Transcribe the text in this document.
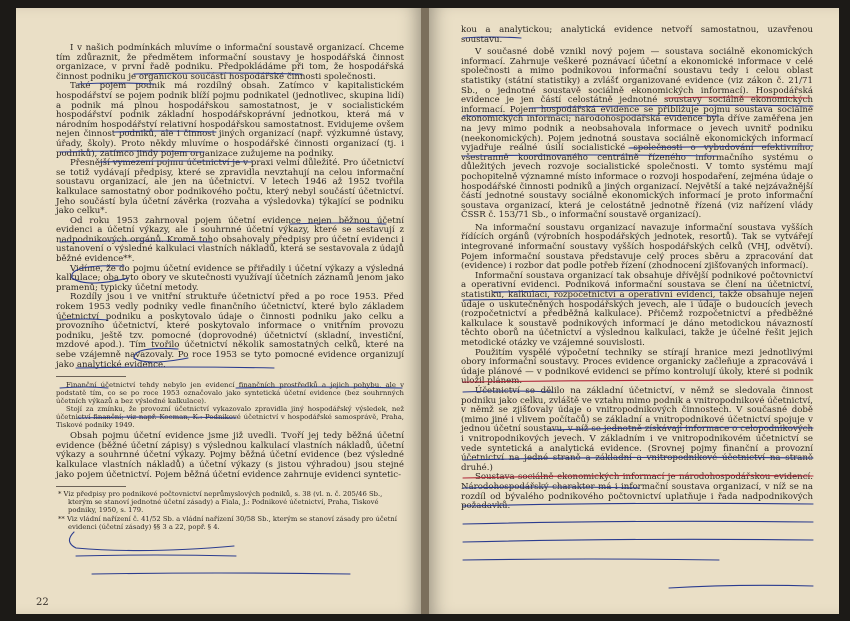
I v našich podmínkách mluvíme o informační soustavě organizací. Chceme tím zdůraznit, že předmětem informační soustavy je hospodářská činnost organizace, v první řadě podniku. Předpokládáme při tom, že hospodářská činnost podniku je organickou součástí hospodářské činnosti společnosti.

Také pojem podnik má rozdílný obsah. Zatímco v kapitalistickém hospodářství se pojem podnik blíží pojmu podnikatel (jednotlivec, skupina lidí) a podnik má plnou hospodářskou samostatnost, je v socialistickém hospodářství podnik základní hospodářskoprávní jednotkou, která má v národním hospodářství relativní hospodářskou samostatnost. Evidujeme ovšem nejen činnost podniků, ale i činnost jiných organizací (např. výzkumné ústavy, úřady, školy). Proto někdy mluvíme o hospodářské činnosti organizací (tj. i podniků), zatímco jindy pojem organizace zužujeme na podniky.

Přesnější vymezení pojmu účetnictví je v praxi velmi důležité. Pro účetnictví se totiž vydávají předpisy, které se zpravidla nevztahují na celou informační soustavu organizací, ale jen na účetnictví. V letech 1946 až 1952 tvořila kalkulace samostatný obor podnikového počtu, který nebyl součástí účetnictví. Jeho součástí byla účetní závěrka (rozvaha a výsledovka) týkající se podniku jako celku*.

Od roku 1953 zahrnoval pojem účetní evidence nejen běžnou účetní evidenci a účetní výkazy, ale i souhrnné účetní výkazy, které se sestavují z nadpodnikových orgánů. Kromě toho obsahovaly předpisy pro účetní evidenci i ustanovení o výsledné kalkulaci vlastních nákladů, která se sestavovala z údajů běžné evidence**.

Vidíme, že do pojmu účetní evidence se přiřadily i účetní výkazy a výsledná kalkulace; oba tyto obory ve skutečnosti využívají účetních záznamů jenom jako pramenů; typicky účetní metody.

Rozdíly jsou i ve vnitřní struktuře účetnictví před a po roce 1953. Před rokem 1953 vedly podniky vedle finančního účetnictví, které bylo základem účetnictví podniku a poskytovalo údaje o činnosti podniku jako celku a provozního účetnictví, které poskytovalo informace o vnitřním provozu podniku, ještě tzv. pomocné (doprovodné) účetnictví (skladní, investiční, mzdové apod.). Tím tvořilo účetnictví několik samostatných celků, které na sebe vzájemně navazovaly. Po roce 1953 se tyto pomocné evidence organizují jako analytické evidence.

Finanční účetnictví tehdy nebylo jen evidencí finančních prostředků a jejich pohybu, ale v podstatě tím, co se po roce 1953 označovalo jako syntetická účetní evidence (bez souhrnných účetních výkazů a bez výsledné kalkulace).

Stojí za zmínku, že provozní účetnictví vykazovalo zpravidla jiný hospodářský výsledek, než účetnictví finanční; viz např. Koeman, K.: Podnikové účetnictví v hospodářské samosprávě, Praha, Tiskové podniky 1949.

Obsah pojmu účetní evidence jsme již uvedli. Tvoří jej tedy běžná účetní evidence (běžné účetní zápisy) s výslednou kalkulací vlastních nákladů, účetní výkazy a souhrnné účetní výkazy. Pojmy běžná účetní evidence (bez výsledné kalkulace vlastních nákladů) a účetní výkazy (s jistou výhradou) jsou stejné jako pojem účetnictví. Pojem běžná účetní evidence zahrnuje evidenci syntetic-

* Viz předpisy pro podnikové počtovnictví neprůmyslových podniků, s. 38 (vl. n. č. 205/46 Sb., kterým se stanoví jednotné účetní zásady) a Fiala, J.: Podnikové účetnictví, Praha, Tiskové podniky, 1950, s. 179.

** Viz vládní nařízení č. 41/52 Sb. a vládní nařízení 30/58 Sb., kterým se stanoví zásady pro účetní evidenci (účetní zásady) §§ 3 a 22, popř. § 4.

22

kou a analytickou; analytická evidence netvoří samostatnou, uzavřenou soustavu.

V současné době vznikl nový pojem — soustava sociálně ekonomických informací. Zahrnuje veškeré poznávací účetní a ekonomické informace v celé společnosti a mimo podnikovou informační soustavu tedy i celou oblast statistiky (státní statistiky) a zvlášť organizované evidence (viz zákon č. 21/71 Sb., o jednotné soustavě sociálně ekonomických informací). Hospodářská evidence je jen částí celostátně jednotné soustavy sociálně ekonomických informací. Pojem hospodářská evidence se přibližuje pojmu soustava sociálně ekonomických informací; národohospodářská evidence byla dříve zaměřena jen na jevy mimo podnik a neobsahovala informace o jevech uvnitř podniku (neekonomických). Pojem jednotná soustava sociálně ekonomických informací vyjadřuje reálné úsilí socialistické společnosti o vybudování efektivního, všestranně koordinovaného centrálně řízeného informačního systému o důležitých jevech rozvoje socialistické společnosti. V tomto systému mají pochopitelně významné místo informace o rozvoji hospodaření, zejména údaje o hospodářské činnosti podniků a jiných organizací. Největší a také nejzávažnější částí jednotné soustavy sociálně ekonomických informací je proto informační soustava organizací, která je celostátně jednotně řízená (viz nařízení vlády ČSSR č. 153/71 Sb., o informační soustavě organizací).

Na informační soustavu organizací navazuje informační soustava vyšších řídících orgánů (výrobních hospodářských jednotek, resortů). Tak se vytvářejí integrované informační soustavy vyšších hospodářských celků (VHJ, odvětví). Pojem informační soustava představuje celý proces sběru a zpracování dat (evidence) i rozbor dat podle potřeb řízení (zhodnocení zjišťovaných informací).

Informační soustava organizací tak obsahuje dřívější podnikové počtovnictví a operativní evidenci. Podniková informační soustava se člení na účetnictví, statistiku, kalkulaci, rozpočetnictví a operativní evidenci, takže obsahuje nejen údaje o uskutečněných hospodářských jevech, ale i údaje o budoucích jevech (rozpočetnictví a předběžná kalkulace). Přičemž rozpočetnictví a předběžné kalkulace k soustavě podnikových informací je dáno metodickou návazností těchto oborů na účetnictví a výslednou kalkulaci, takže je účelné řešit jejich metodické otázky ve vzájemné souvislosti.

Použitím vyspělé výpočetní techniky se stírají hranice mezi jednotlivými obory informační soustavy. Proces evidence organicky začleňuje a zpracovává i údaje plánové — v podnikové evidenci se přímo kontrolují úkoly, které si podnik uložil plánem.

Účetnictví se dělilo na základní účetnictví, v němž se sledovala činnost podniku jako celku, zvláště ve vztahu mimo podnik a vnitropodnikové účetnictví, v němž se zjišťovaly údaje o vnitropodnikových činnostech. V současné době (mimo jiné i vlivem počítačů) se základní a vnitropodnikové účetnictví spojuje v jednou účetní soustavu, v níž se jednotně získávají informace o celopodnikových i vnitropodnikových jevech. V základním i ve vnitropodnikovém účetnictví se vede syntetická a analytická evidence. (Srovnej pojmy finanční a provozní účetnictví na jedné straně a základní a vnitropodnikové účetnictví na straně druhé.)

Soustava sociálně ekonomických informací je národohospodářskou evidencí. Národohospodářský charakter má i informační soustava organizací, v níž se na rozdíl od bývalého podnikového počtovnictví uplatňuje i řada nadpodnikových požadavků.
